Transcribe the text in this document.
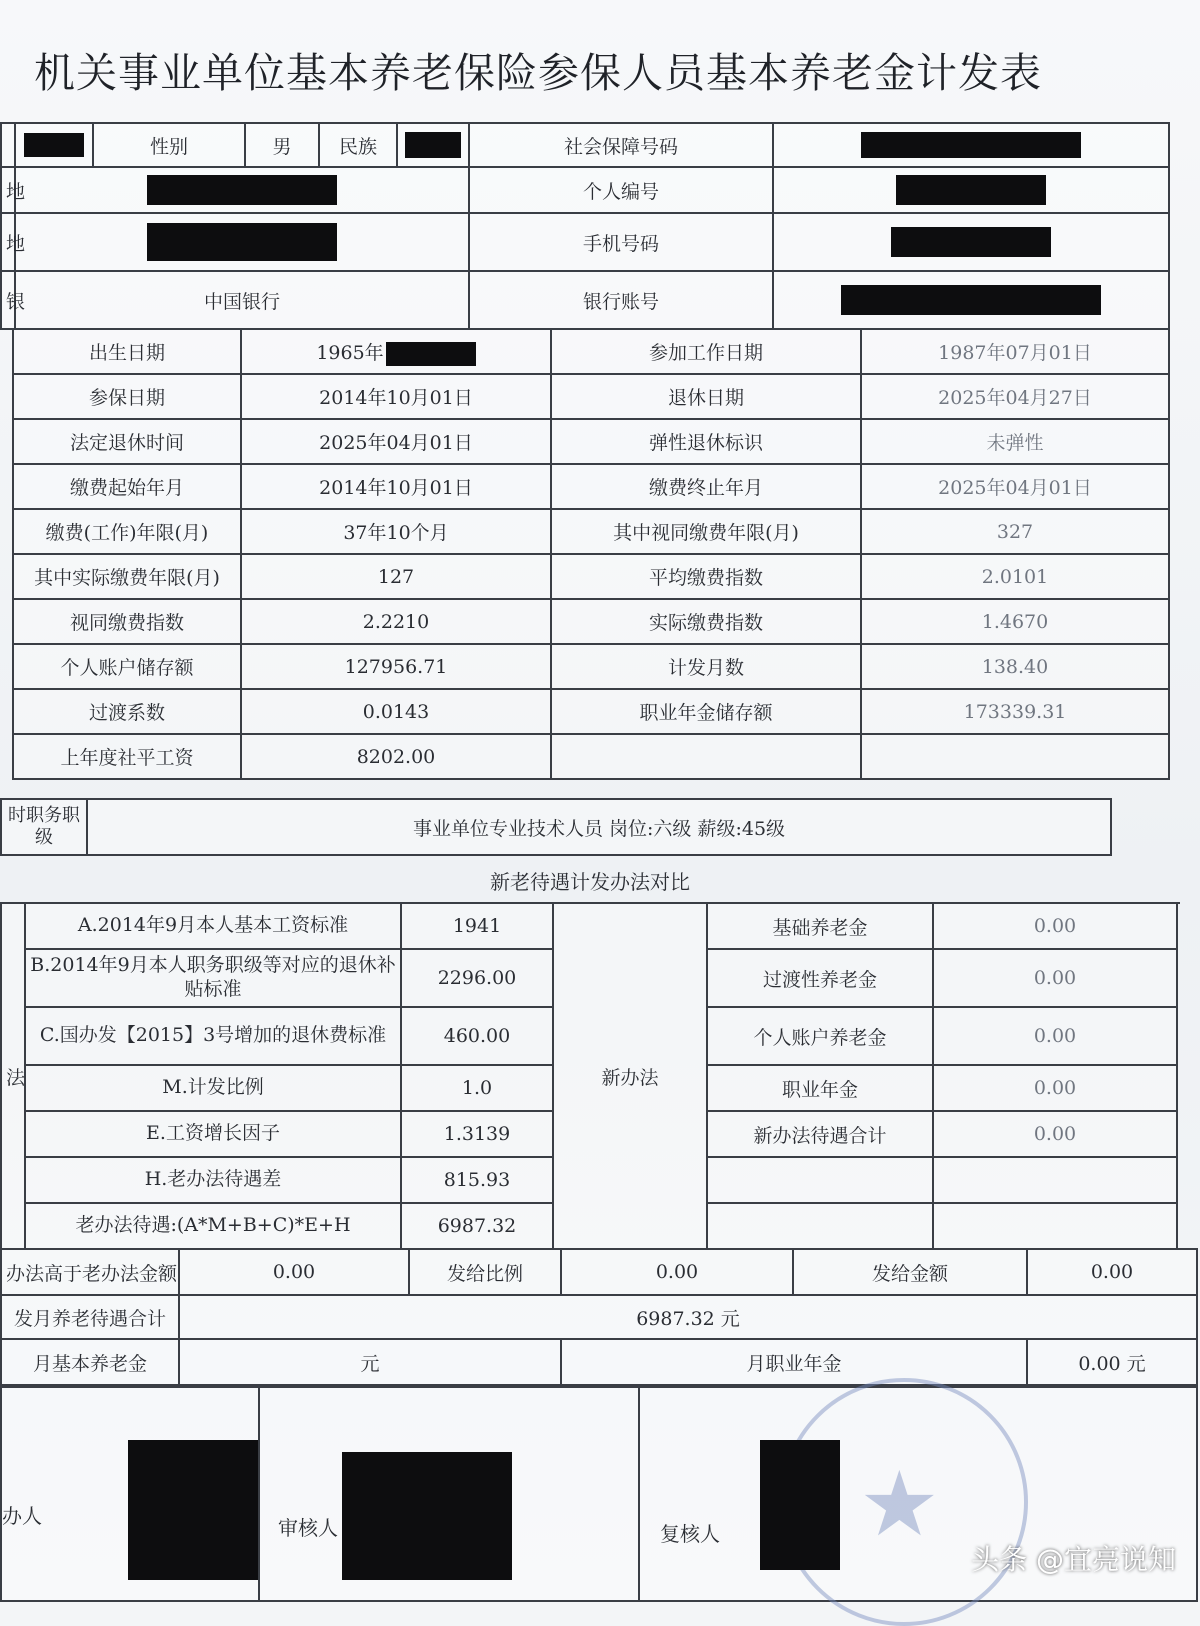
机关事业单位基本养老保险参保人员基本养老金计发表
		性别	男	民族		社会保障号码	
地						个人编号	
地						手机号码	
银	中国银行					银行账号	
出生日期	1965年	参加工作日期	1987年07月01日
参保日期	2014年10月01日	退休日期	2025年04月27日
法定退休时间	2025年04月01日	弹性退休标识	未弹性
缴费起始年月	2014年10月01日	缴费终止年月	2025年04月01日
缴费(工作)年限(月)	37年10个月	其中视同缴费年限(月)	327
其中实际缴费年限(月)	127	平均缴费指数	2.0101
视同缴费指数	2.2210	实际缴费指数	1.4670
个人账户储存额	127956.71	计发月数	138.40
过渡系数	0.0143	职业年金储存额	173339.31
上年度社平工资	8202.00		
时职务职级	事业单位专业技术人员 岗位:六级 薪级:45级
新老待遇计发办法对比
法	A.2014年9月本人基本工资标准	1941	新办法	基础养老金	0.00
	B.2014年9月本人职务职级等对应的退休补贴标准	2296.00		过渡性养老金	0.00
	C.国办发【2015】3号增加的退休费标准	460.00		个人账户养老金	0.00
	M.计发比例	1.0		职业年金	0.00
	E.工资增长因子	1.3139		新办法待遇合计	0.00
	H.老办法待遇差	815.93			
	老办法待遇:(A*M+B+C)*E+H	6987.32			
办法高于老办法金额	0.00	发给比例	0.00	发给金额	0.00
发月养老待遇合计	6987.32 元				
月基本养老金	元		月职业年金		0.00 元

★
办人	审核人	复核人
头条 @宜亮说知
